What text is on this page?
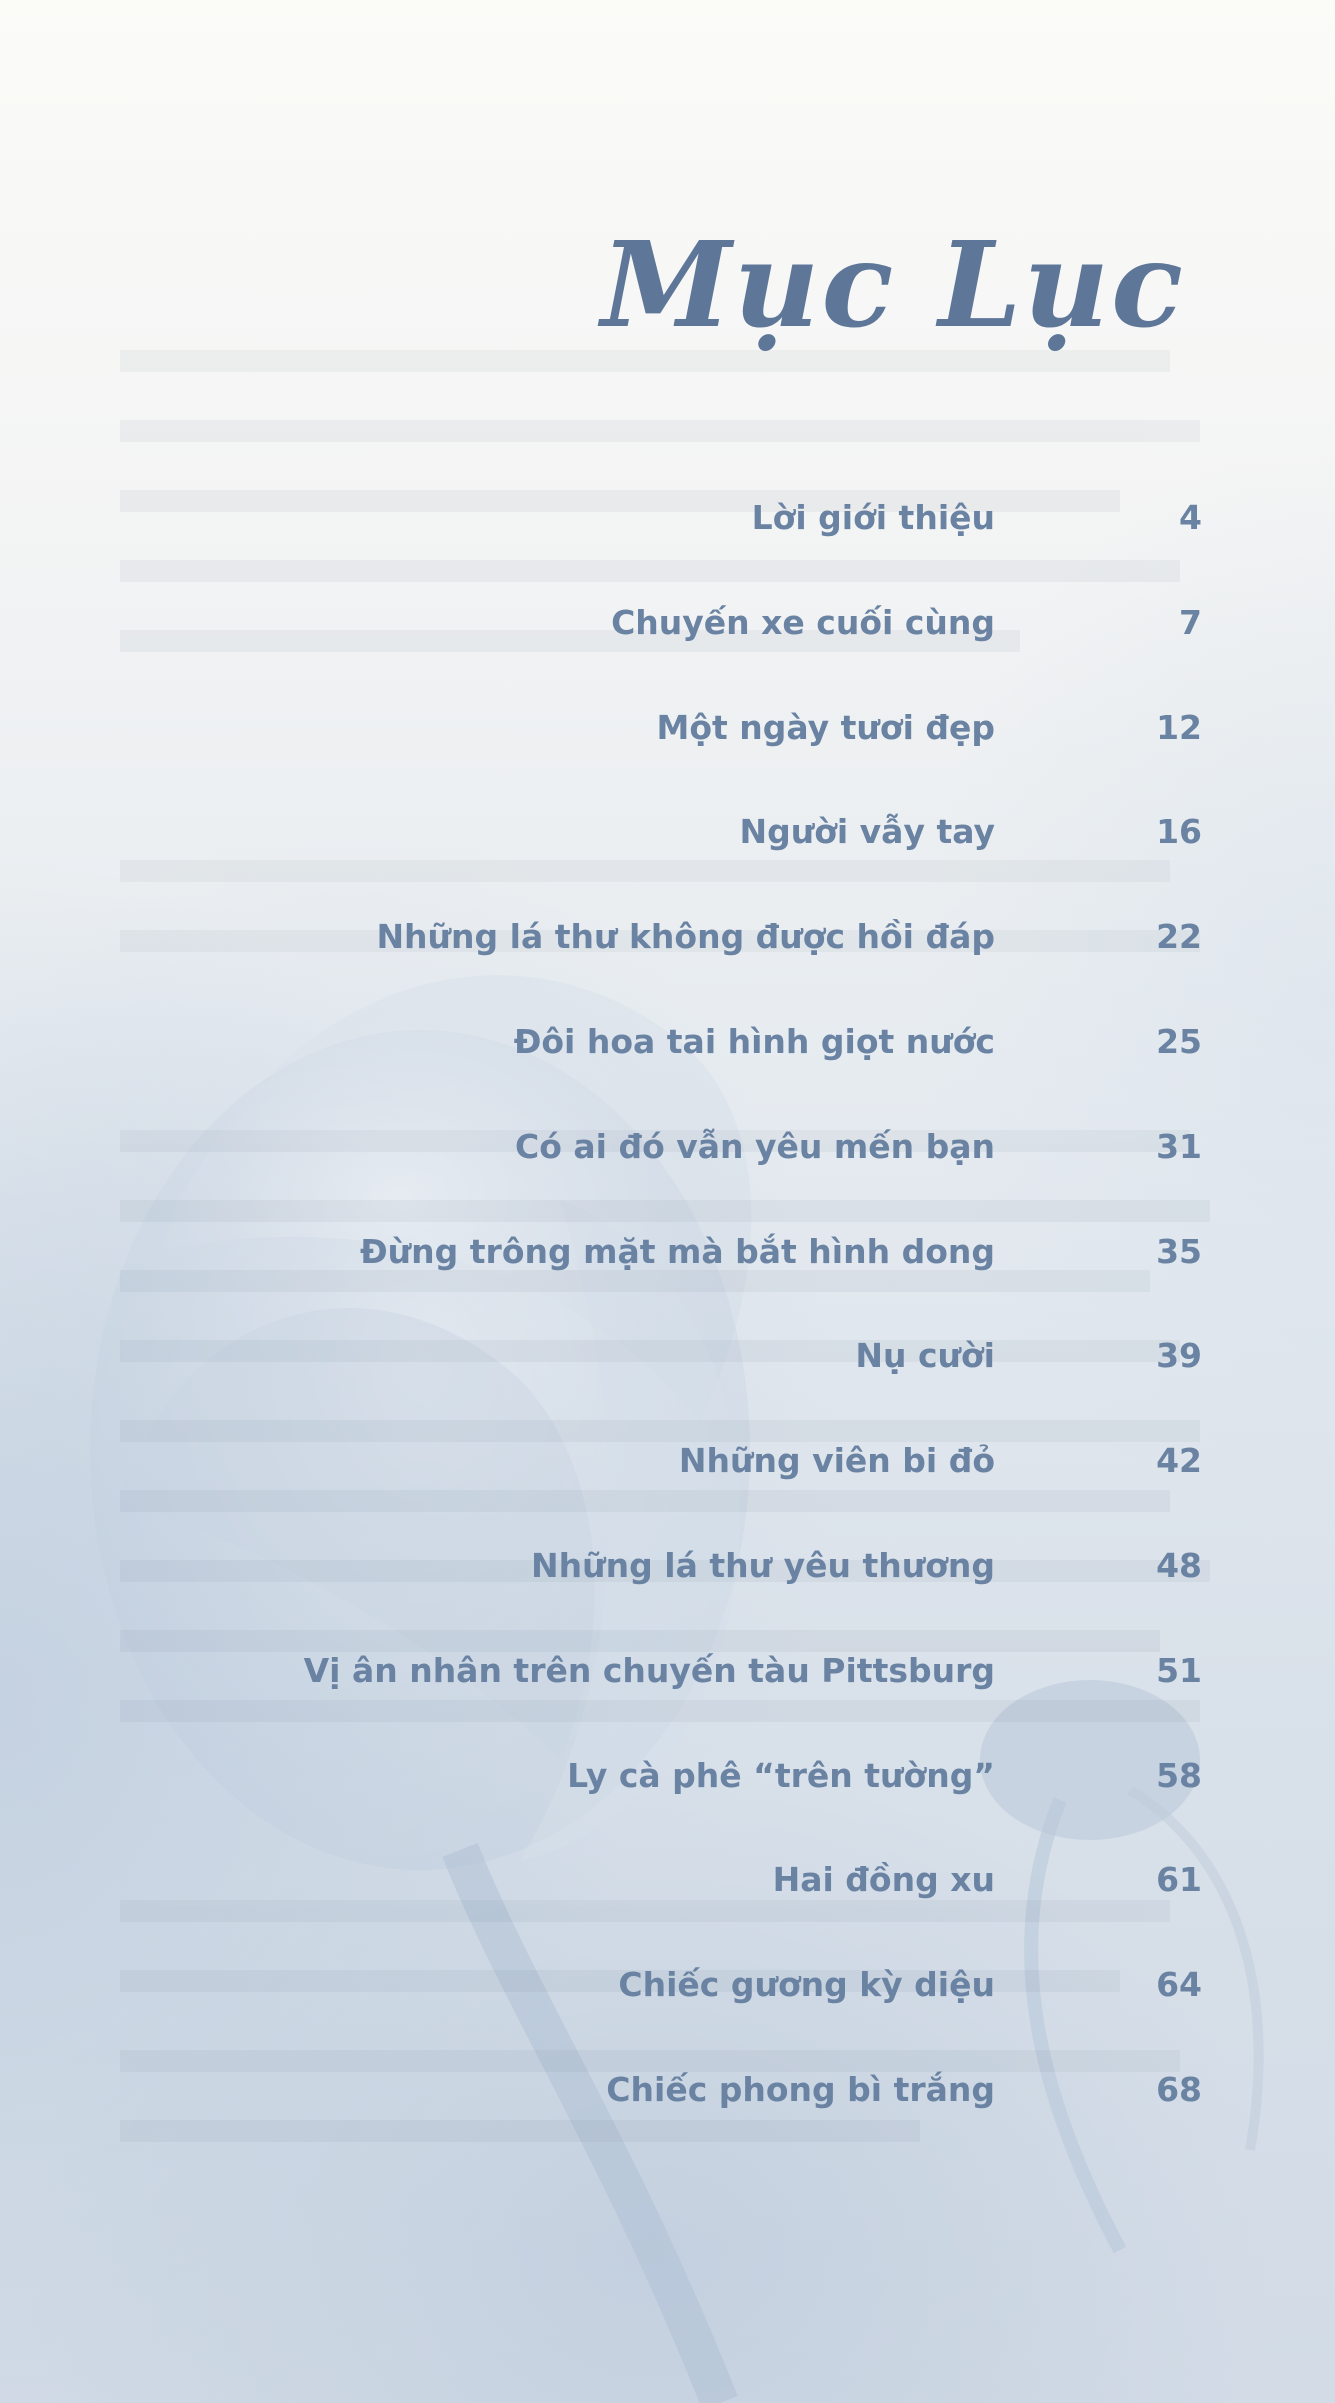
Mục Lục
Lời giới thiệu	4
Chuyến xe cuối cùng	7
Một ngày tươi đẹp	12
Người vẫy tay	16
Những lá thư không được hồi đáp	22
Đôi hoa tai hình giọt nước	25
Có ai đó vẫn yêu mến bạn	31
Đừng trông mặt mà bắt hình dong	35
Nụ cười	39
Những viên bi đỏ	42
Những lá thư yêu thương	48
Vị ân nhân trên chuyến tàu Pittsburg	51
Ly cà phê “trên tường”	58
Hai đồng xu	61
Chiếc gương kỳ diệu	64
Chiếc phong bì trắng	68
